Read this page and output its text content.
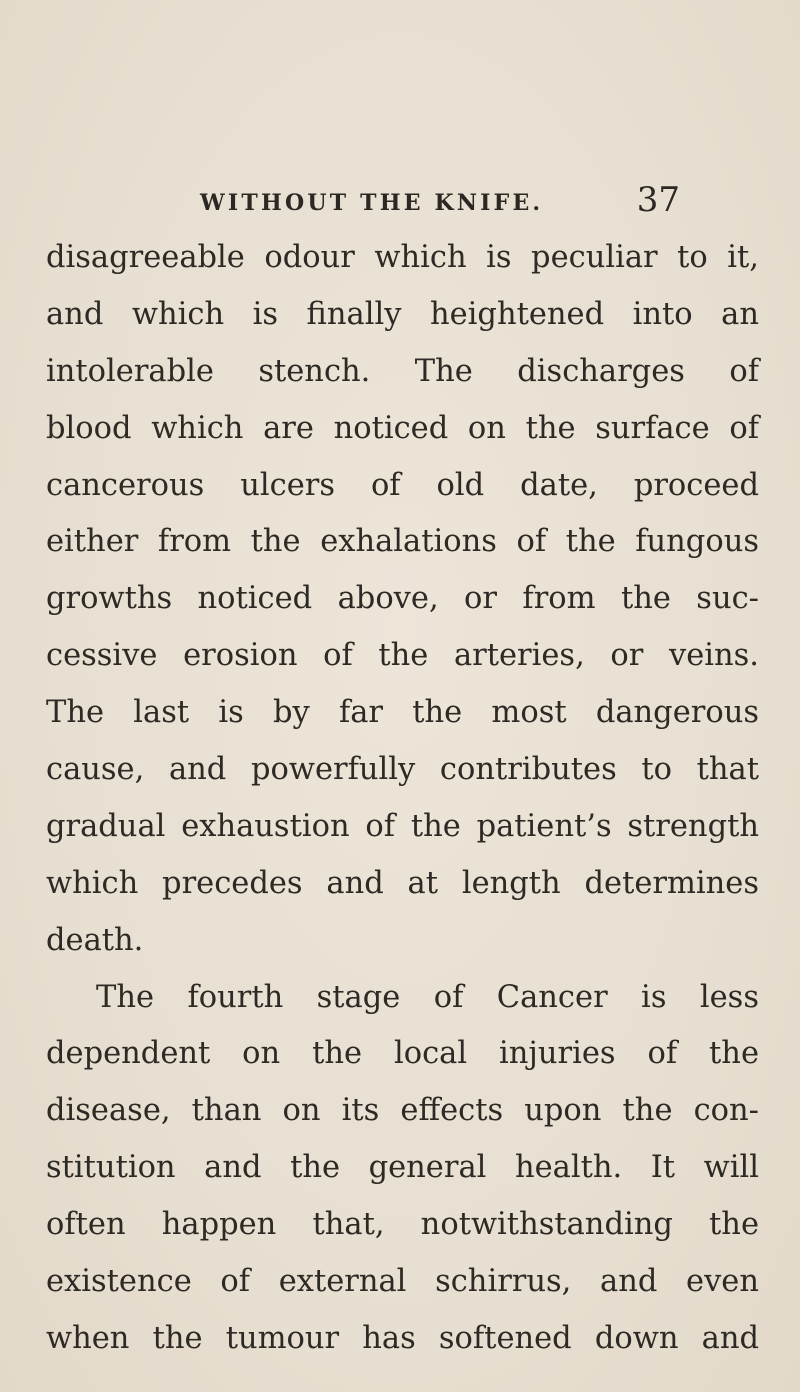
WITHOUT THE KNIFE.	37
disagreeable odour which is peculiar to it,
and which is finally heightened into an
intolerable stench. The discharges of
blood which are noticed on the surface of
cancerous ulcers of old date, proceed
either from the exhalations of the fungous
growths noticed above, or from the suc-
cessive erosion of the arteries, or veins.
The last is by far the most dangerous
cause, and powerfully contributes to that
gradual exhaustion of the patient’s strength
which precedes and at length determines
death.
The fourth stage of Cancer is less
dependent on the local injuries of the
disease, than on its effects upon the con-
stitution and the general health. It will
often happen that, notwithstanding the
existence of external schirrus, and even
when the tumour has softened down and
